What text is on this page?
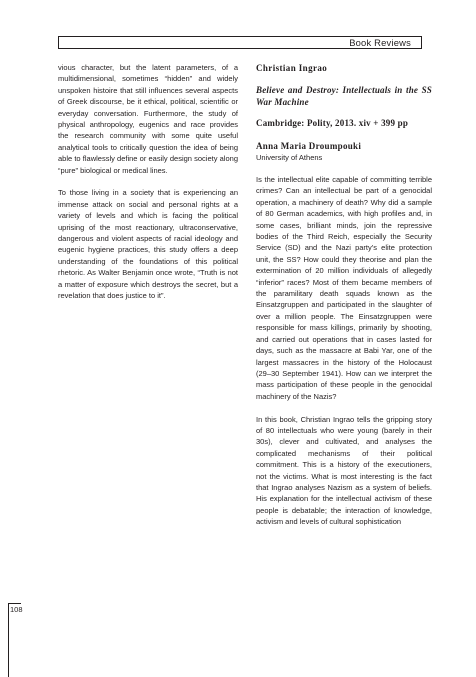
Book Reviews

vious character, but the latent parameters, of a multidimensional, sometimes “hidden” and widely unspoken histoire that still influences several aspects of Greek discourse, be it ethical, political, scientific or everyday conversation. Furthermore, the study of physical anthropology, eugenics and race provides the research community with some quite useful analytical tools to critically question the idea of being able to flawlessly define or easily design society along “pure” biological or medical lines.

To those living in a society that is experiencing an immense attack on social and personal rights at a variety of levels and which is facing the political uprising of the most reactionary, ultraconservative, dangerous and violent aspects of racial ideology and eugenic hygiene practices, this study offers a deep understanding of the foundations of this political rhetoric. As Walter Benjamin once wrote, “Truth is not a matter of exposure which destroys the secret, but a revelation that does justice to it”.

Christian Ingrao
Believe and Destroy: Intellectuals in the SS War Machine
Cambridge: Polity, 2013. xiv + 399 pp
Anna Maria Droumpouki
University of Athens

Is the intellectual elite capable of committing terrible crimes? Can an intellectual be part of a genocidal operation, a machinery of death? Why did a sample of 80 German academics, with high profiles and, in some cases, brilliant minds, join the repressive bodies of the Third Reich, especially the Security Service (SD) and the Nazi party’s elite protection unit, the SS? How could they theorise and plan the extermination of 20 million individuals of allegedly “inferior” races? Most of them became members of the paramilitary death squads known as the Einsatzgruppen and participated in the slaughter of over a million people. The Einsatzgruppen were responsible for mass killings, primarily by shooting, and carried out operations that in cases lasted for days, such as the massacre at Babi Yar, one of the largest massacres in the history of the Holocaust (29–30 September 1941). How can we interpret the mass participation of these people in the genocidal machinery of the Nazis?

In this book, Christian Ingrao tells the gripping story of 80 intellectuals who were young (barely in their 30s), clever and cultivated, and analyses the complicated mechanisms of their political commitment. This is a history of the executioners, not the victims. What is most interesting is the fact that Ingrao analyses Nazism as a system of beliefs. His explanation for the intellectual activism of these people is debatable; the interaction of knowledge, activism and levels of cultural sophistication

108
